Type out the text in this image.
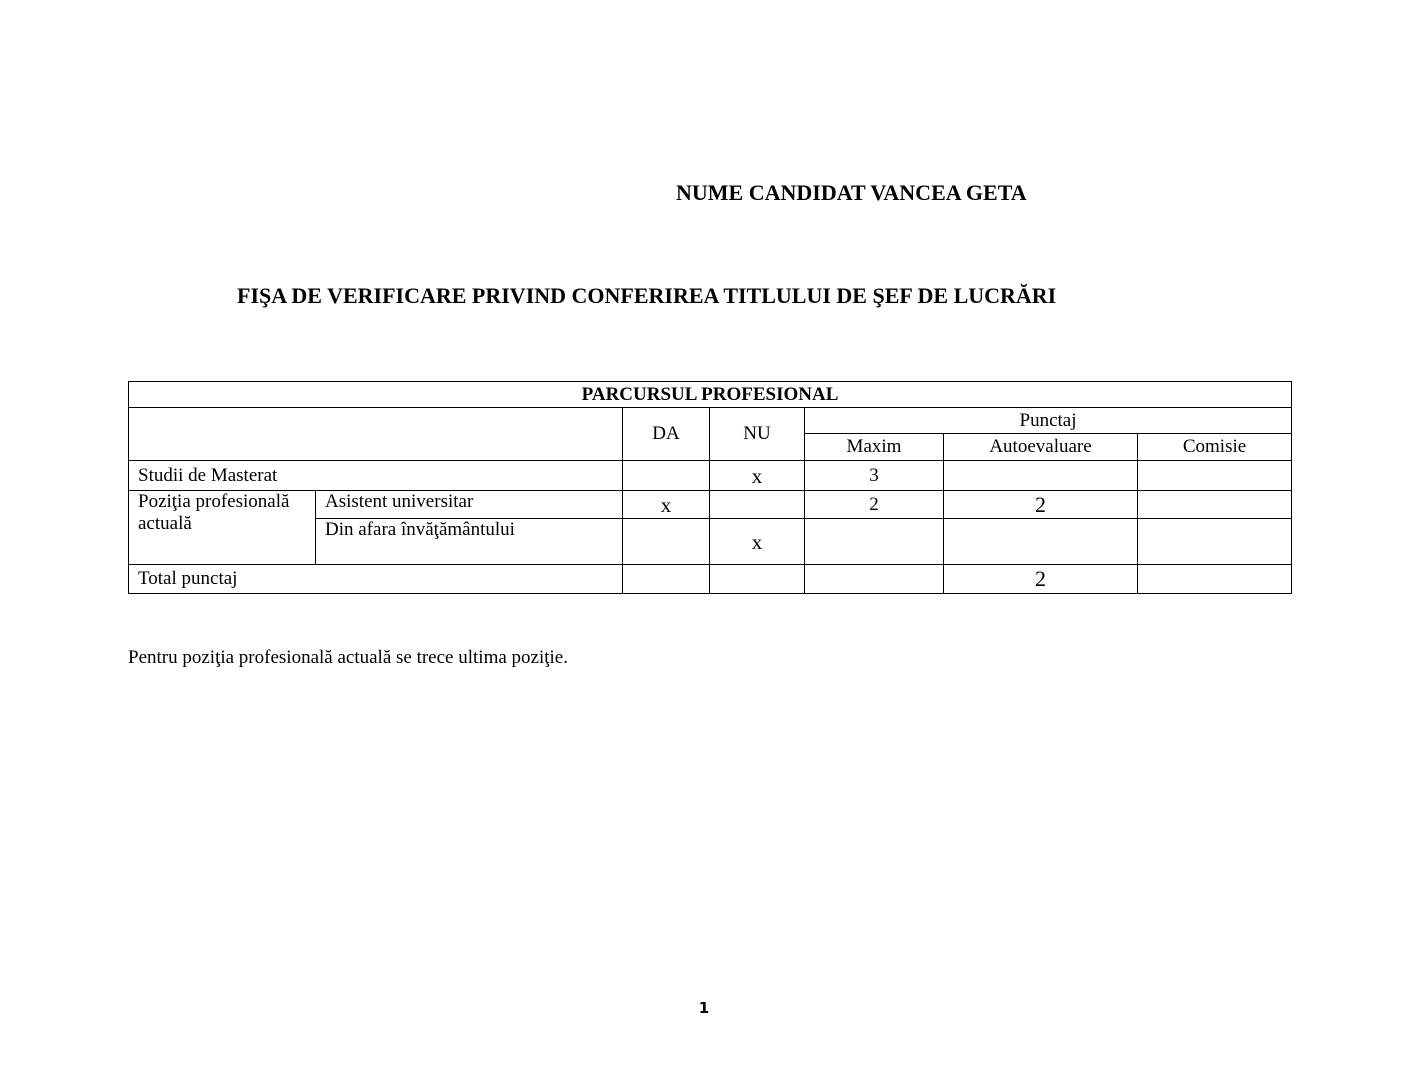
NUME CANDIDAT VANCEA GETA
FIŞA DE VERIFICARE PRIVIND CONFERIREA TITLULUI DE ŞEF DE LUCRĂRI
PARCURSUL PROFESIONAL						
		DA	NU	Punctaj		
				Maxim	Autoevaluare	Comisie
Studii de Masterat			x	3		
Poziţia profesională actuală	Asistent universitar	x		2	2	
	Din afara învăţământului		x			
Total punctaj					2	
Pentru poziţia profesională actuală se trece ultima poziţie.
1
